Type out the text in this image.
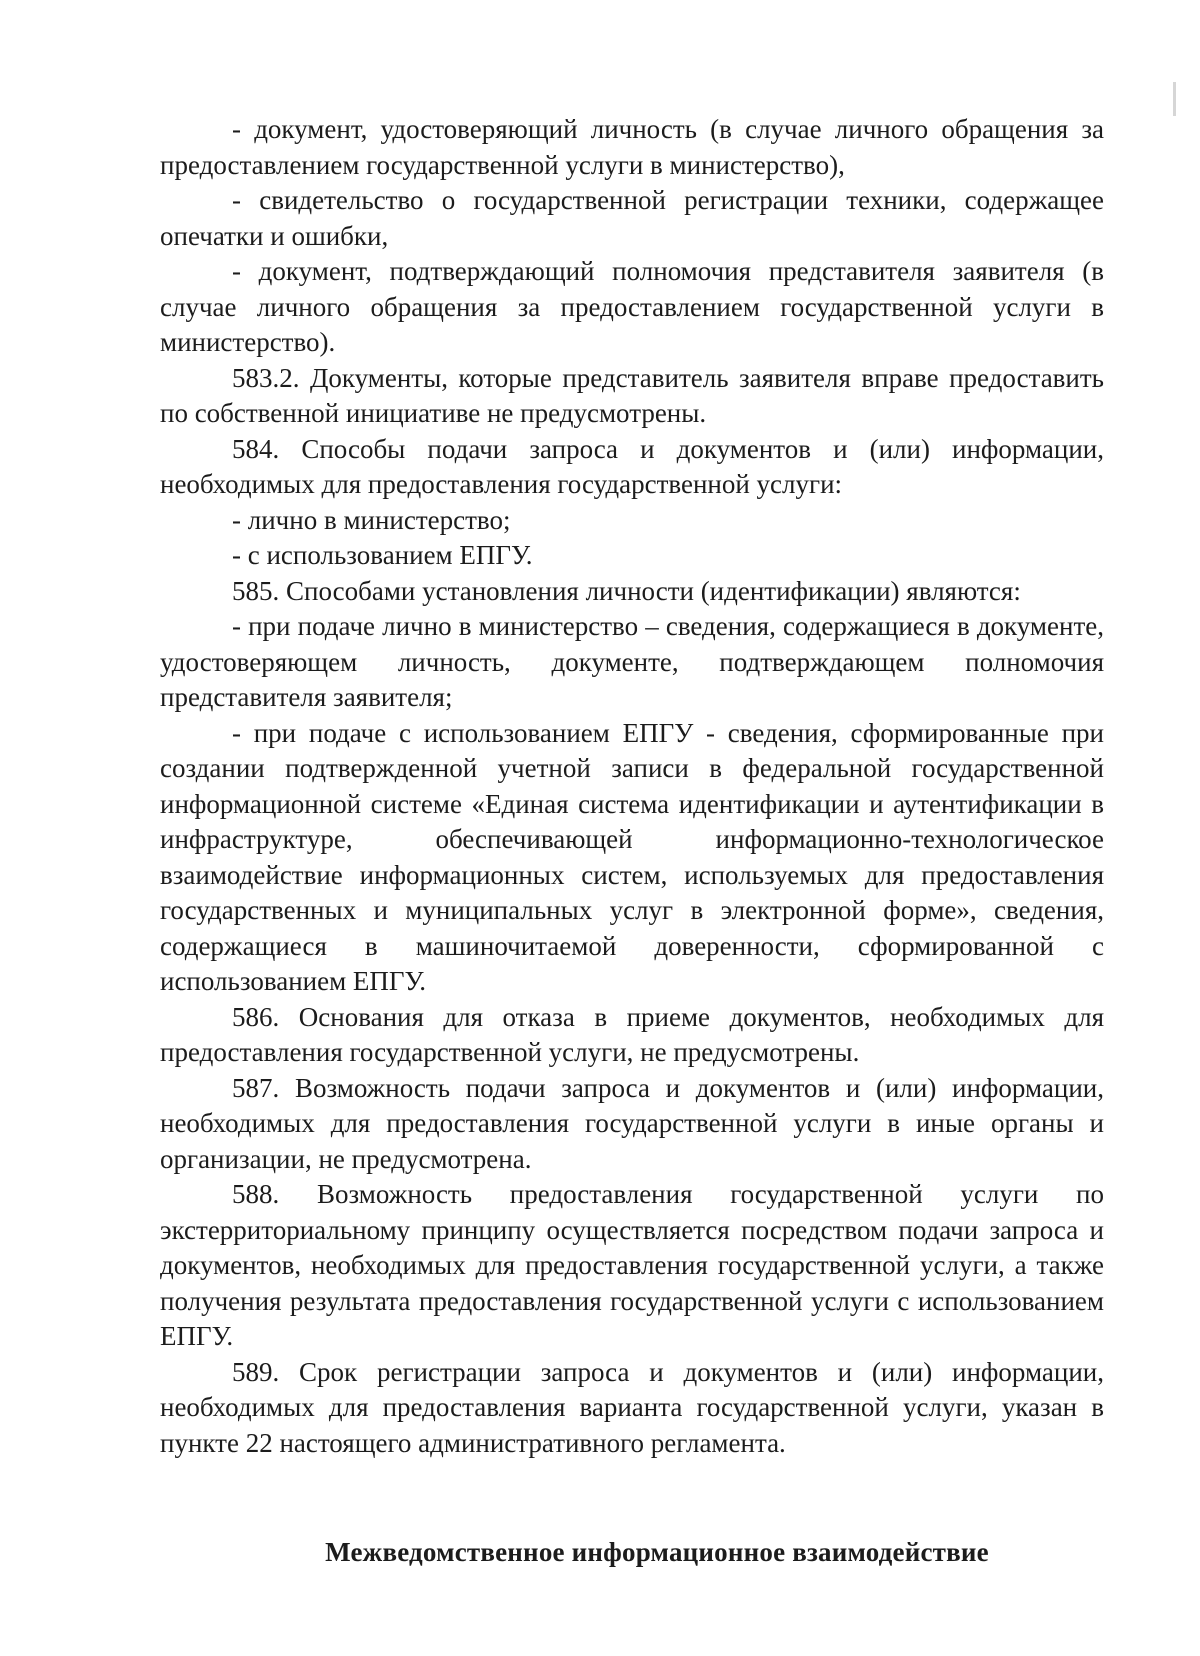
- документ, удостоверяющий личность (в случае личного обращения за предоставлением государственной услуги в министерство),

- свидетельство о государственной регистрации техники, содержащее опечатки и ошибки,

- документ, подтверждающий полномочия представителя заявителя (в случае личного обращения за предоставлением государственной услуги в министерство).

583.2. Документы, которые представитель заявителя вправе предоставить по собственной инициативе не предусмотрены.

584. Способы подачи запроса и документов и (или) информации, необходимых для предоставления государственной услуги:

- лично в министерство;

- с использованием ЕПГУ.

585. Способами установления личности (идентификации) являются:

- при подаче лично в министерство – сведения, содержащиеся в документе, удостоверяющем личность, документе, подтверждающем полномочия представителя заявителя;

- при подаче с использованием ЕПГУ - сведения, сформированные при создании подтвержденной учетной записи в федеральной государственной информационной системе «Единая система идентификации и аутентификации в инфраструктуре, обеспечивающей информационно-технологическое взаимодействие информационных систем, используемых для предоставления государственных и муниципальных услуг в электронной форме», сведения, содержащиеся в машиночитаемой доверенности, сформированной с использованием ЕПГУ.

586. Основания для отказа в приеме документов, необходимых для предоставления государственной услуги, не предусмотрены.

587. Возможность подачи запроса и документов и (или) информации, необходимых для предоставления государственной услуги в иные органы и организации, не предусмотрена.

588. Возможность предоставления государственной услуги по экстерриториальному принципу осуществляется посредством подачи запроса и документов, необходимых для предоставления государственной услуги, а также получения результата предоставления государственной услуги с использованием ЕПГУ.

589. Срок регистрации запроса и документов и (или) информации, необходимых для предоставления варианта государственной услуги, указан в пункте 22 настоящего административного регламента.

Межведомственное информационное взаимодействие
